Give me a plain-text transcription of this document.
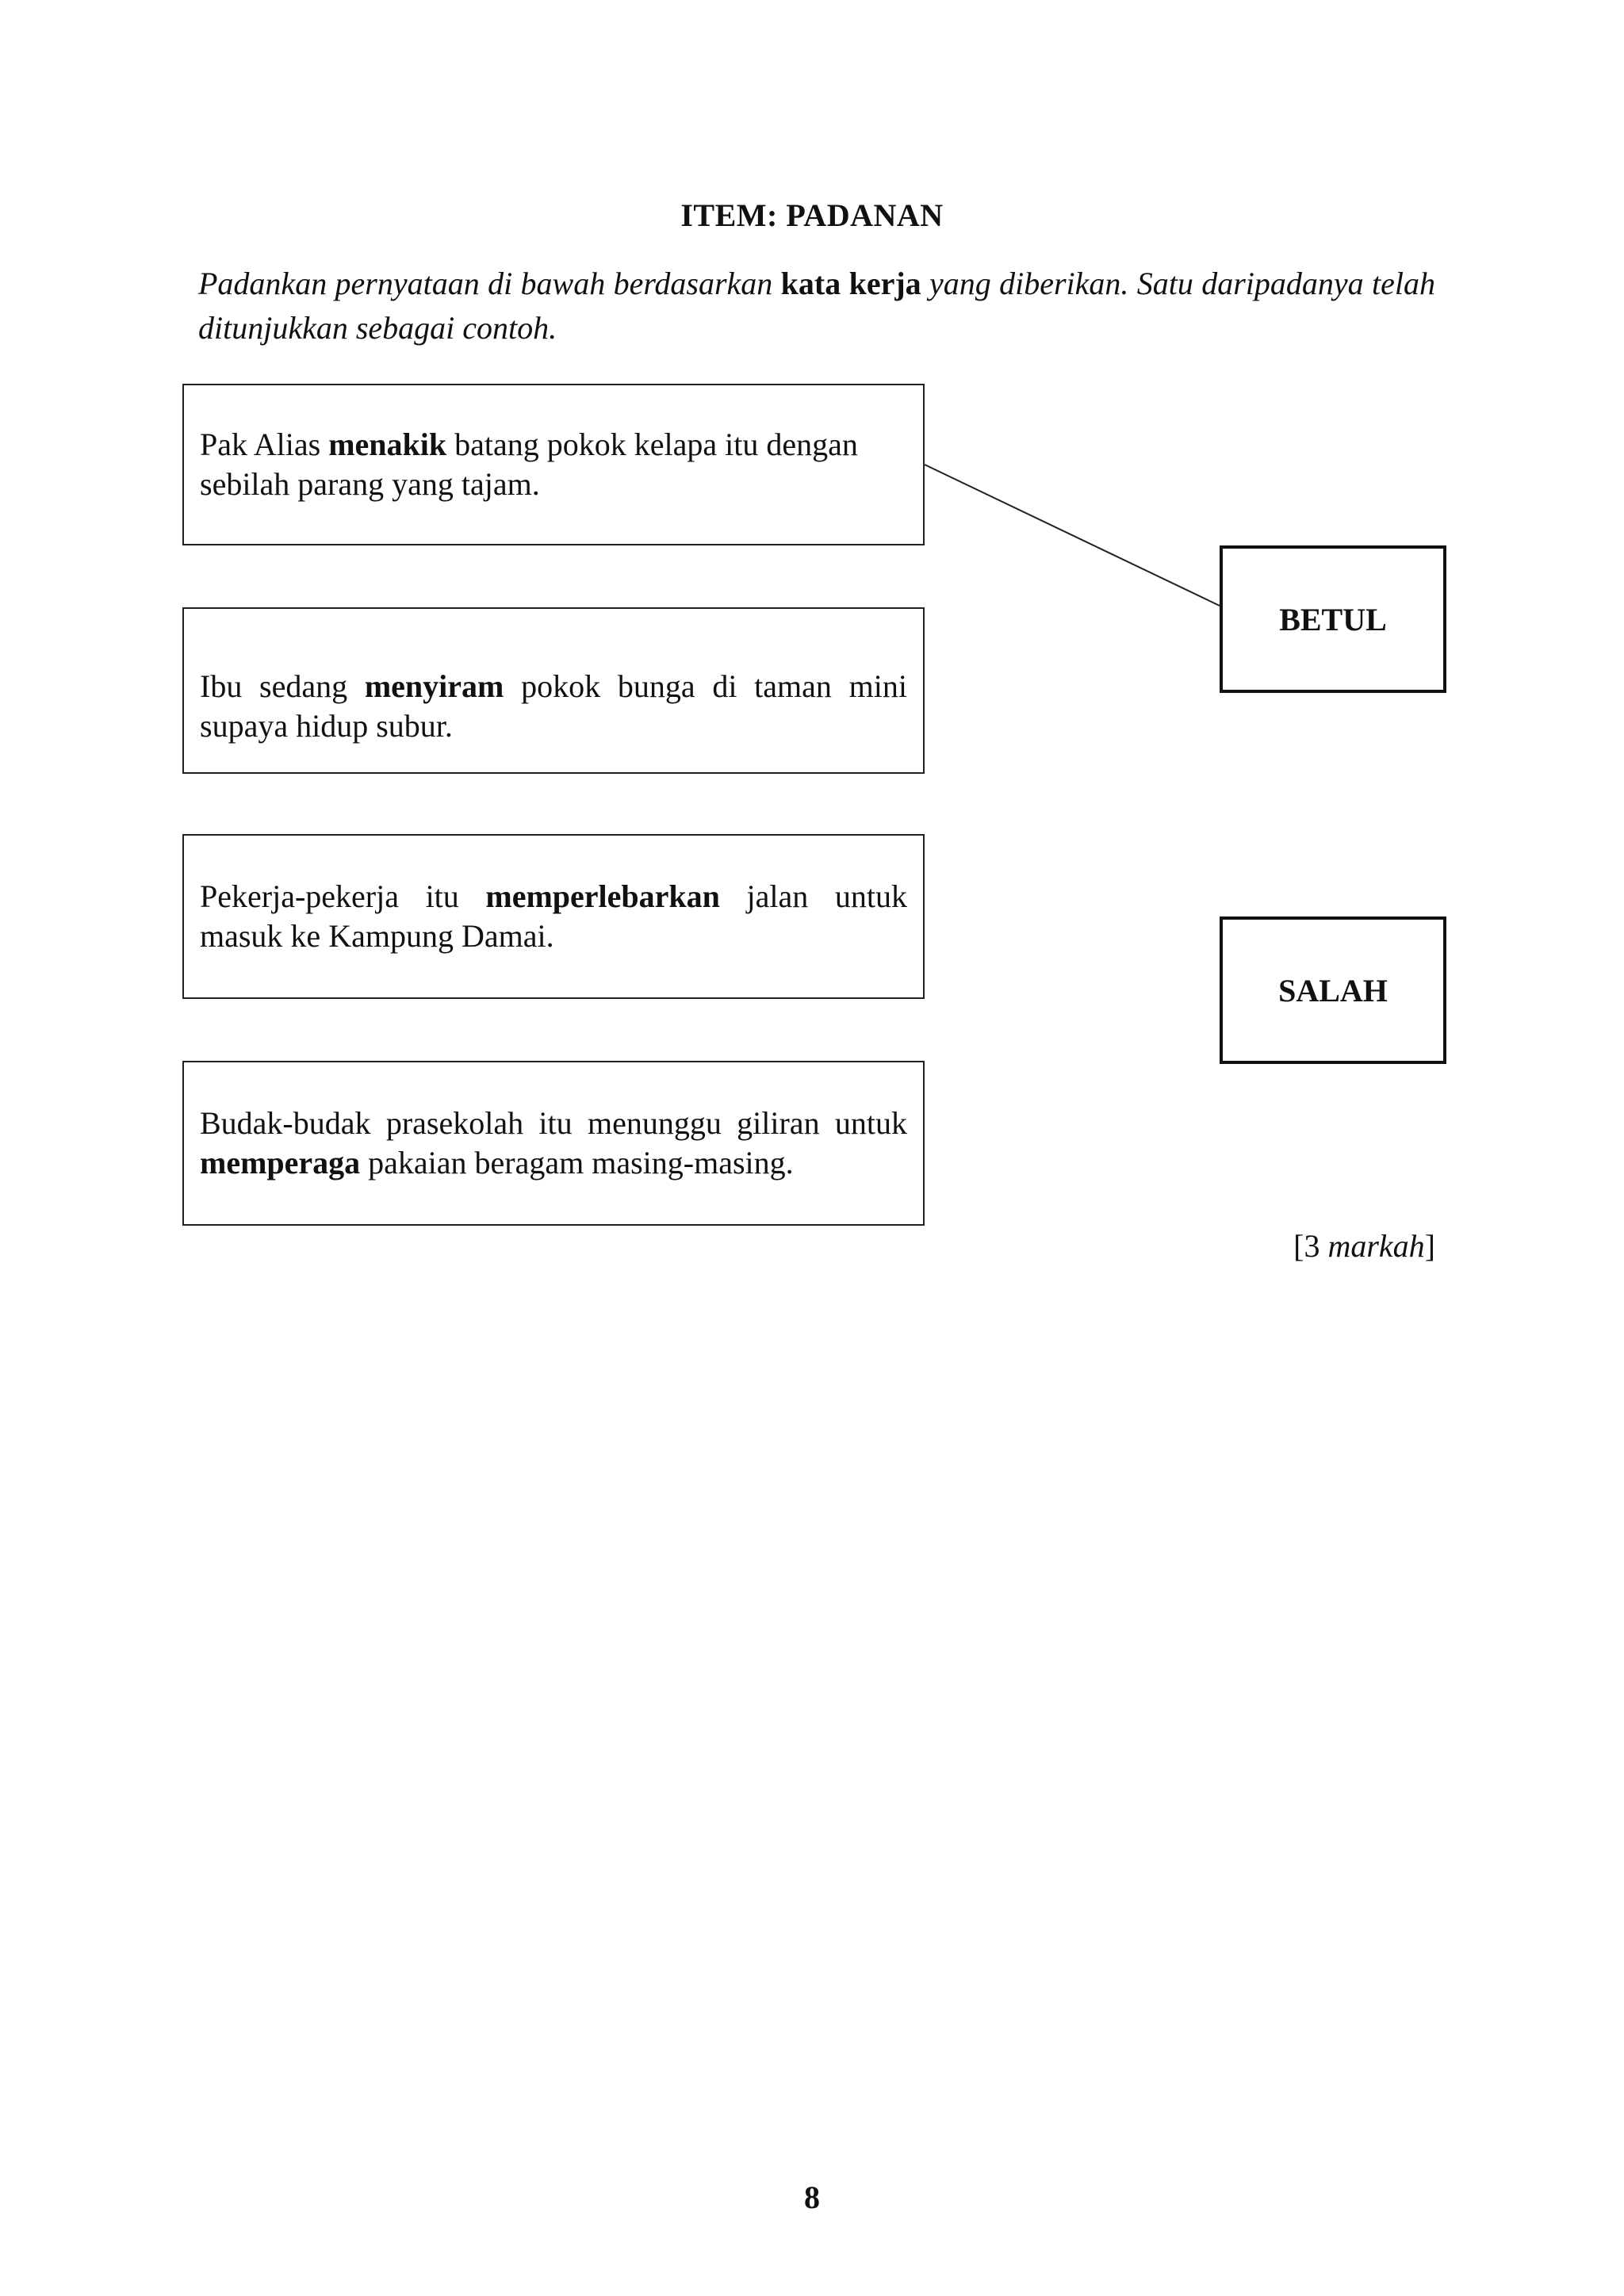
ITEM: PADANAN
Padankan pernyataan di bawah berdasarkan kata kerja yang diberikan. Satu daripadanya telah ditunjukkan sebagai contoh.
Pak Alias menakik batang pokok kelapa itu dengan sebilah parang yang tajam.
Ibu sedang menyiram pokok bunga di taman mini supaya hidup subur.
Pekerja-pekerja itu memperlebarkan jalan untuk masuk ke Kampung Damai.
Budak-budak prasekolah itu menunggu giliran untuk memperaga pakaian beragam masing-masing.
BETUL
SALAH
[3 markah]
8
